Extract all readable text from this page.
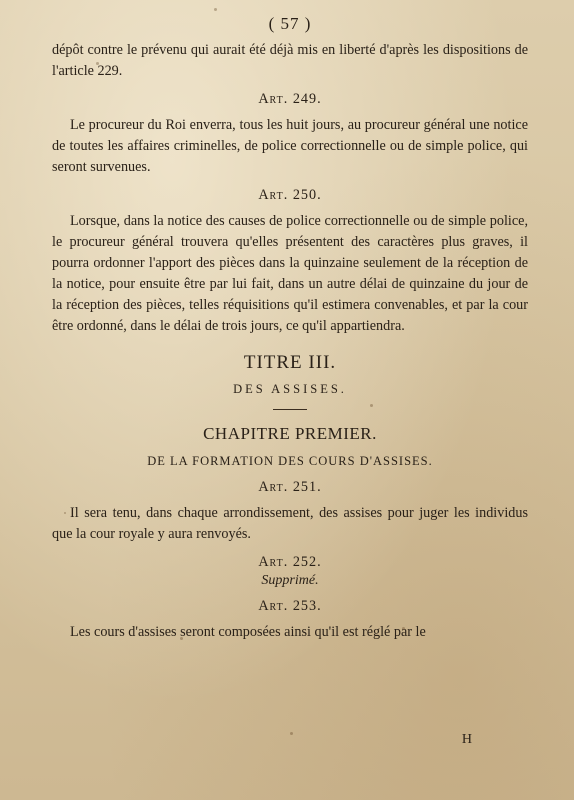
( 57 )

dépôt contre le prévenu qui aurait été déjà mis en liberté d'après les dispositions de l'article 229.

Art. 249.

Le procureur du Roi enverra, tous les huit jours, au procureur général une notice de toutes les affaires criminelles, de police correctionnelle ou de simple police, qui seront survenues.

Art. 250.

Lorsque, dans la notice des causes de police correctionnelle ou de simple police, le procureur général trouvera qu'elles présentent des caractères plus graves, il pourra ordonner l'apport des pièces dans la quinzaine seulement de la réception de la notice, pour ensuite être par lui fait, dans un autre délai de quinzaine du jour de la réception des pièces, telles réquisitions qu'il estimera convenables, et par la cour être ordonné, dans le délai de trois jours, ce qu'il appartiendra.

TITRE III.
DES ASSISES.
CHAPITRE PREMIER.
DE LA FORMATION DES COURS D'ASSISES.
Art. 251.

Il sera tenu, dans chaque arrondissement, des assises pour juger les individus que la cour royale y aura renvoyés.

Art. 252.
Supprimé.
Art. 253.

Les cours d'assises seront composées ainsi qu'il est réglé par le

H
